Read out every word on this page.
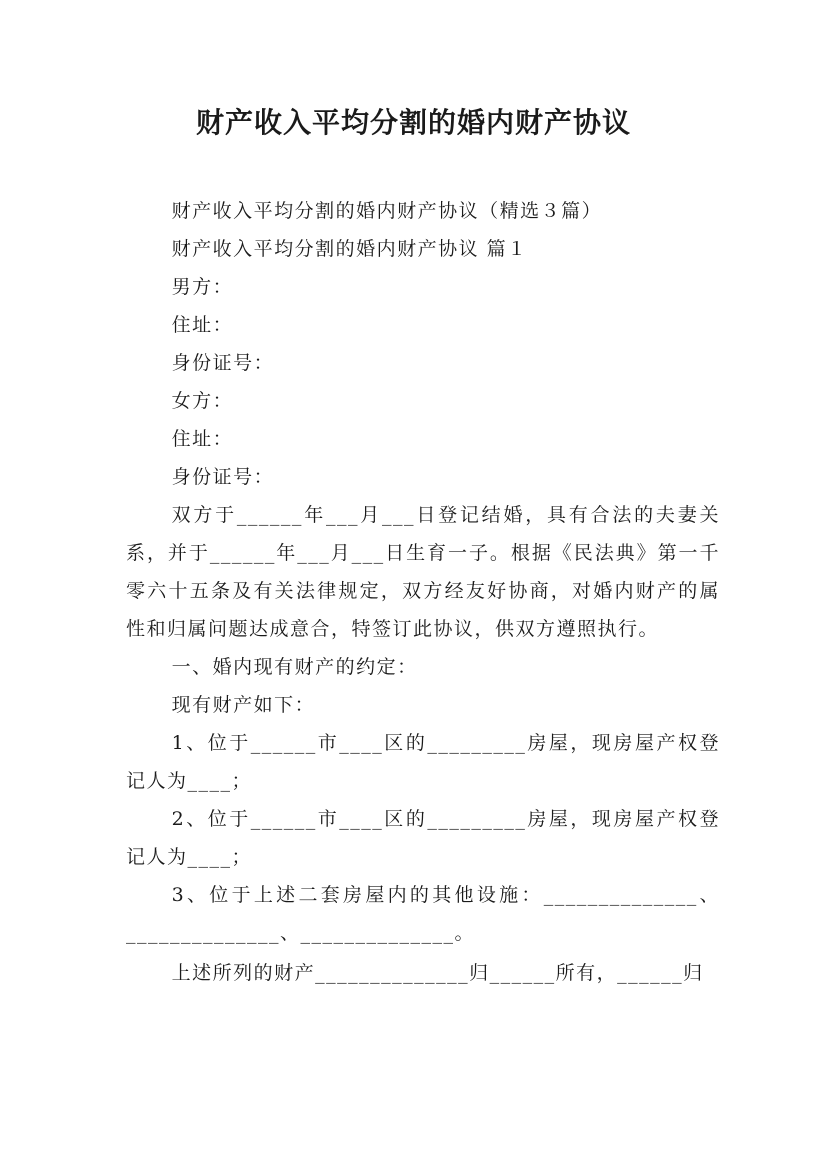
财产收入平均分割的婚内财产协议

财产收入平均分割的婚内财产协议（精选３篇）

财产收入平均分割的婚内财产协议 篇１

男方：

住址：

身份证号：

女方：

住址：

身份证号：

双方于______年___月___日登记结婚，具有合法的夫妻关系，并于______年___月___日生育一子。根据《民法典》第一千零六十五条及有关法律规定，双方经友好协商，对婚内财产的属性和归属问题达成意合，特签订此协议，供双方遵照执行。

一、婚内现有财产的约定：

现有财产如下：

1、位于______市____区的_________房屋，现房屋产权登记人为____；

2、位于______市____区的_________房屋，现房屋产权登记人为____；

3、位于上述二套房屋内的其他设施：______________、______________、______________。

上述所列的财产______________归______所有，______归
